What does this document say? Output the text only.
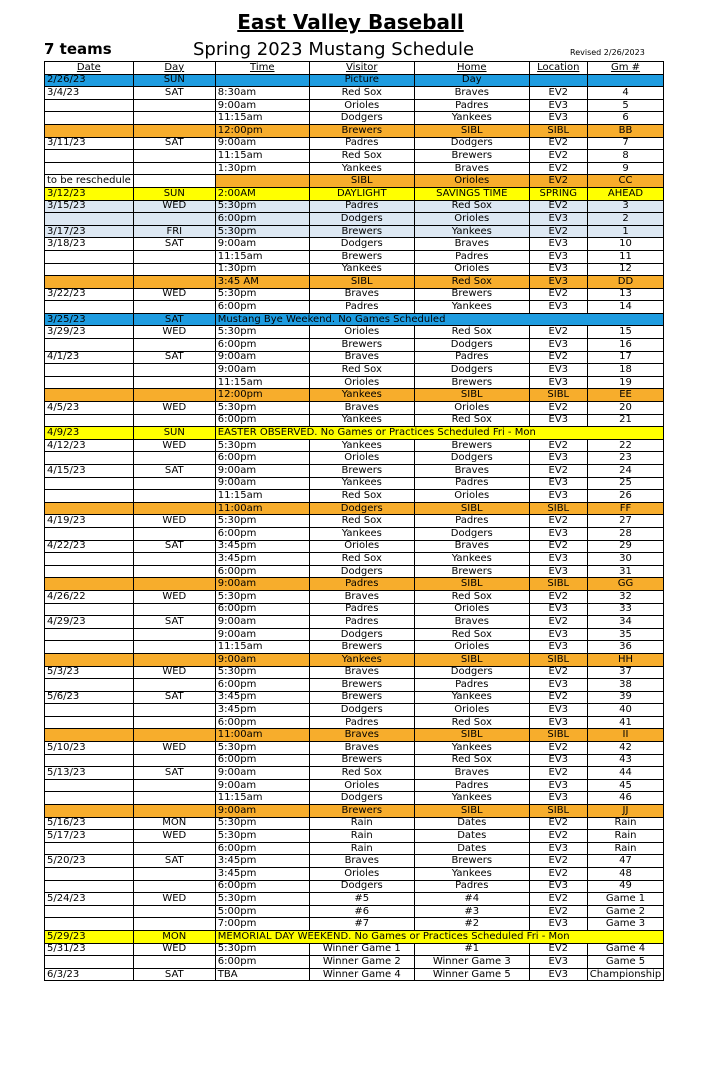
East Valley Baseball
7 teams	Spring 2023 Mustang Schedule	Revised 2/26/2023
Date	Day	Time	Visitor	Home	Location	Gm #
2/26/23	SUN		Picture	Day		
3/4/23	SAT	8:30am	Red Sox	Braves	EV2	4
		9:00am	Orioles	Padres	EV3	5
		11:15am	Dodgers	Yankees	EV3	6
		12:00pm	Brewers	SIBL	SIBL	BB
3/11/23	SAT	9:00am	Padres	Dodgers	EV2	7
		11:15am	Red Sox	Brewers	EV2	8
		1:30pm	Yankees	Braves	EV2	9
to be reschedule			SIBL	Orioles	EV2	CC
3/12/23	SUN	2:00AM	DAYLIGHT	SAVINGS TIME	SPRING	AHEAD
3/15/23	WED	5:30pm	Padres	Red Sox	EV2	3
		6:00pm	Dodgers	Orioles	EV3	2
3/17/23	FRI	5:30pm	Brewers	Yankees	EV2	1
3/18/23	SAT	9:00am	Dodgers	Braves	EV3	10
		11:15am	Brewers	Padres	EV3	11
		1:30pm	Yankees	Orioles	EV3	12
		3:45 AM	SIBL	Red Sox	EV3	DD
3/22/23	WED	5:30pm	Braves	Brewers	EV2	13
		6:00pm	Padres	Yankees	EV3	14
3/25/23	SAT	Mustang Bye Weekend. No Games Scheduled				
3/29/23	WED	5:30pm	Orioles	Red Sox	EV2	15
		6:00pm	Brewers	Dodgers	EV3	16
4/1/23	SAT	9:00am	Braves	Padres	EV2	17
		9:00am	Red Sox	Dodgers	EV3	18
		11:15am	Orioles	Brewers	EV3	19
		12:00pm	Yankees	SIBL	SIBL	EE
4/5/23	WED	5:30pm	Braves	Orioles	EV2	20
		6:00pm	Yankees	Red Sox	EV3	21
4/9/23	SUN	EASTER OBSERVED. No Games or Practices Scheduled Fri - Mon				
4/12/23	WED	5:30pm	Yankees	Brewers	EV2	22
		6:00pm	Orioles	Dodgers	EV3	23
4/15/23	SAT	9:00am	Brewers	Braves	EV2	24
		9:00am	Yankees	Padres	EV3	25
		11:15am	Red Sox	Orioles	EV3	26
		11:00am	Dodgers	SIBL	SIBL	FF
4/19/23	WED	5:30pm	Red Sox	Padres	EV2	27
		6:00pm	Yankees	Dodgers	EV3	28
4/22/23	SAT	3:45pm	Orioles	Braves	EV2	29
		3:45pm	Red Sox	Yankees	EV3	30
		6:00pm	Dodgers	Brewers	EV3	31
		9:00am	Padres	SIBL	SIBL	GG
4/26/22	WED	5:30pm	Braves	Red Sox	EV2	32
		6:00pm	Padres	Orioles	EV3	33
4/29/23	SAT	9:00am	Padres	Braves	EV2	34
		9:00am	Dodgers	Red Sox	EV3	35
		11:15am	Brewers	Orioles	EV3	36
		9:00am	Yankees	SIBL	SIBL	HH
5/3/23	WED	5:30pm	Braves	Dodgers	EV2	37
		6:00pm	Brewers	Padres	EV3	38
5/6/23	SAT	3:45pm	Brewers	Yankees	EV2	39
		3:45pm	Dodgers	Orioles	EV3	40
		6:00pm	Padres	Red Sox	EV3	41
		11:00am	Braves	SIBL	SIBL	II
5/10/23	WED	5:30pm	Braves	Yankees	EV2	42
		6:00pm	Brewers	Red Sox	EV3	43
5/13/23	SAT	9:00am	Red Sox	Braves	EV2	44
		9:00am	Orioles	Padres	EV3	45
		11:15am	Dodgers	Yankees	EV3	46
		9:00am	Brewers	SIBL	SIBL	JJ
5/16/23	MON	5:30pm	Rain	Dates	EV2	Rain
5/17/23	WED	5:30pm	Rain	Dates	EV2	Rain
		6:00pm	Rain	Dates	EV3	Rain
5/20/23	SAT	3:45pm	Braves	Brewers	EV2	47
		3:45pm	Orioles	Yankees	EV2	48
		6:00pm	Dodgers	Padres	EV3	49
5/24/23	WED	5:30pm	#5	#4	EV2	Game 1
		5:00pm	#6	#3	EV2	Game 2
		7:00pm	#7	#2	EV3	Game 3
5/29/23	MON	MEMORIAL DAY WEEKEND. No Games or Practices Scheduled Fri - Mon				
5/31/23	WED	5:30pm	Winner Game 1	#1	EV2	Game 4
		6:00pm	Winner Game 2	Winner Game 3	EV3	Game 5
6/3/23	SAT	TBA	Winner Game 4	Winner Game 5	EV3	Championship
